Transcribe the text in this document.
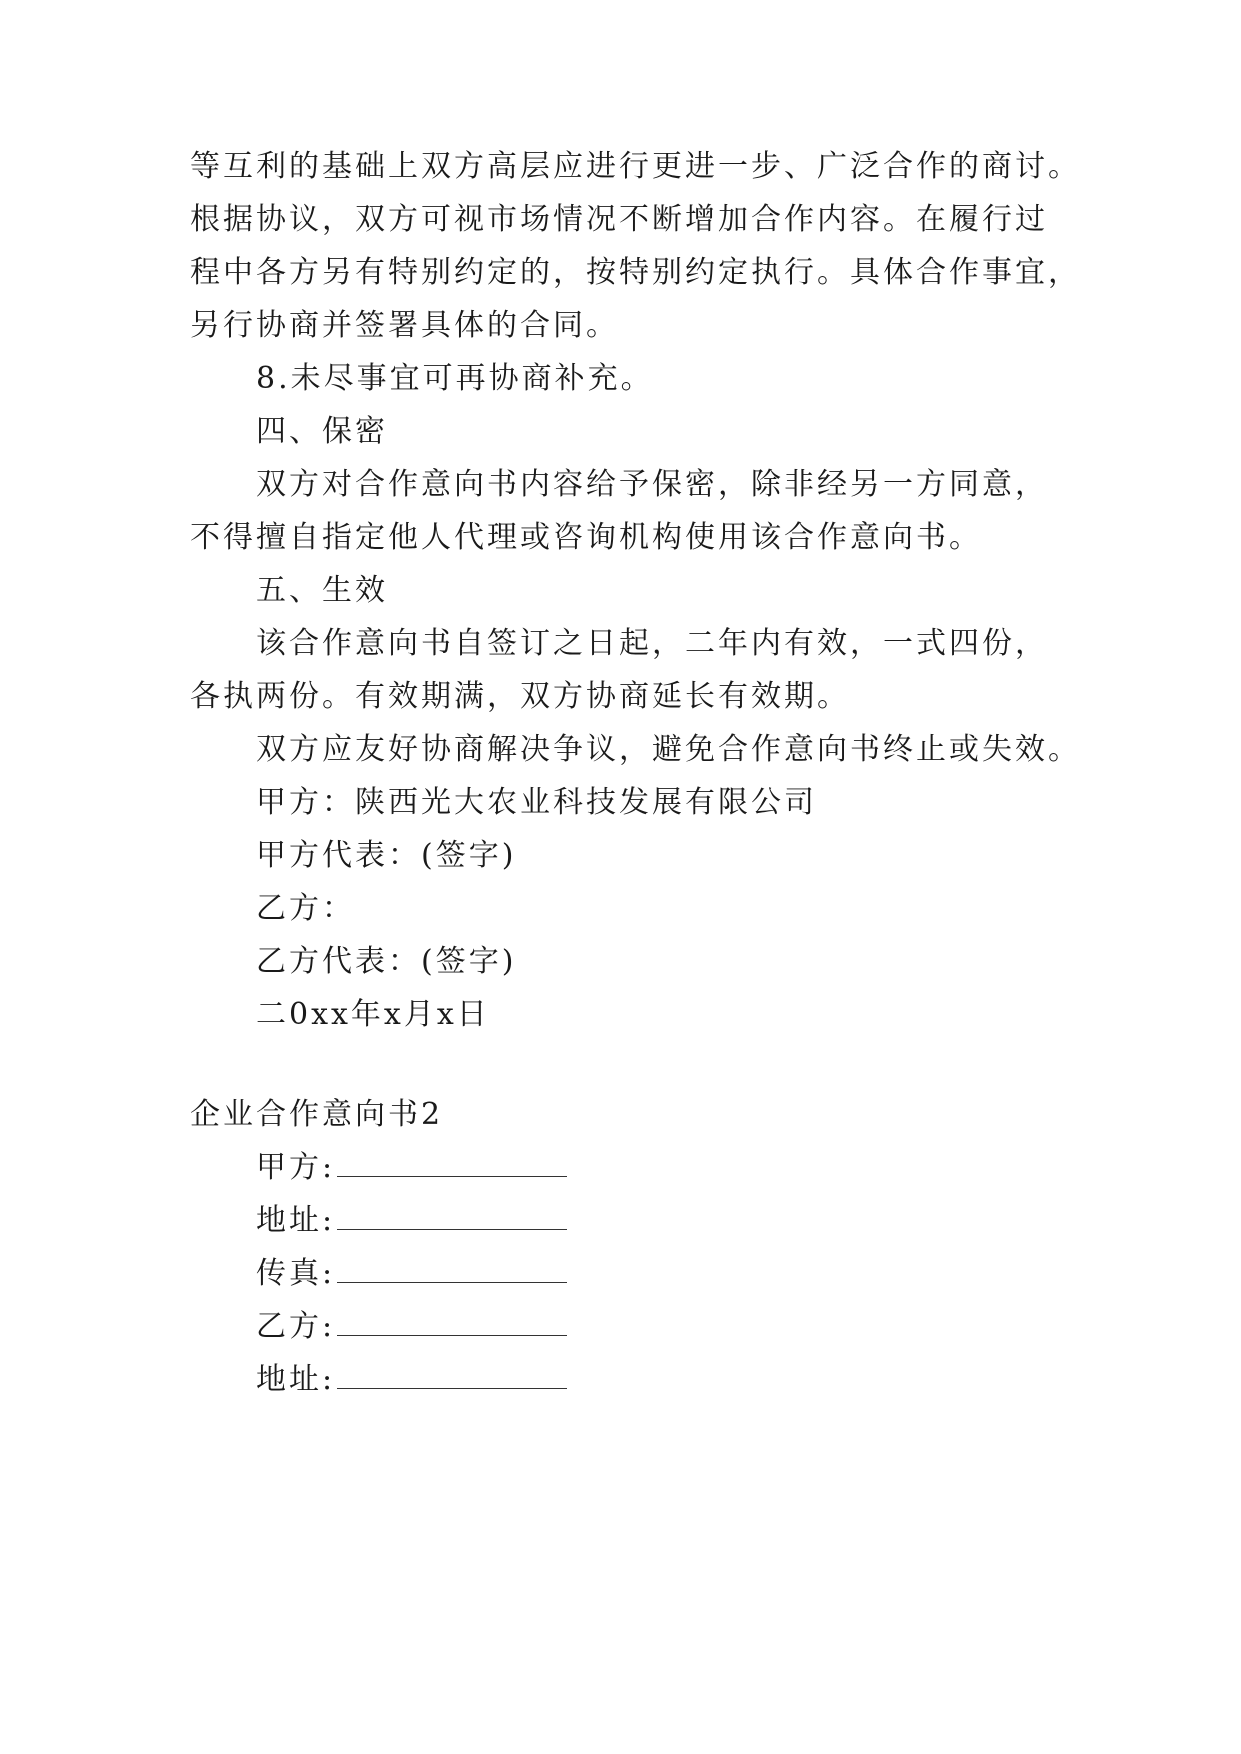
等互利的基础上双方高层应进行更进一步、广泛合作的商讨。
根据协议，双方可视市场情况不断增加合作内容。在履行过
程中各方另有特别约定的，按特别约定执行。具体合作事宜，
另行协商并签署具体的合同。
8.未尽事宜可再协商补充。
四、保密
双方对合作意向书内容给予保密，除非经另一方同意，
不得擅自指定他人代理或咨询机构使用该合作意向书。
五、生效
该合作意向书自签订之日起，二年内有效，一式四份，
各执两份。有效期满，双方协商延长有效期。
双方应友好协商解决争议，避免合作意向书终止或失效。
甲方：陕西光大农业科技发展有限公司
甲方代表：(签字)
乙方：
乙方代表：(签字)
二0xx年x月x日
企业合作意向书2
甲方:
地址:
传真:
乙方:
地址:
